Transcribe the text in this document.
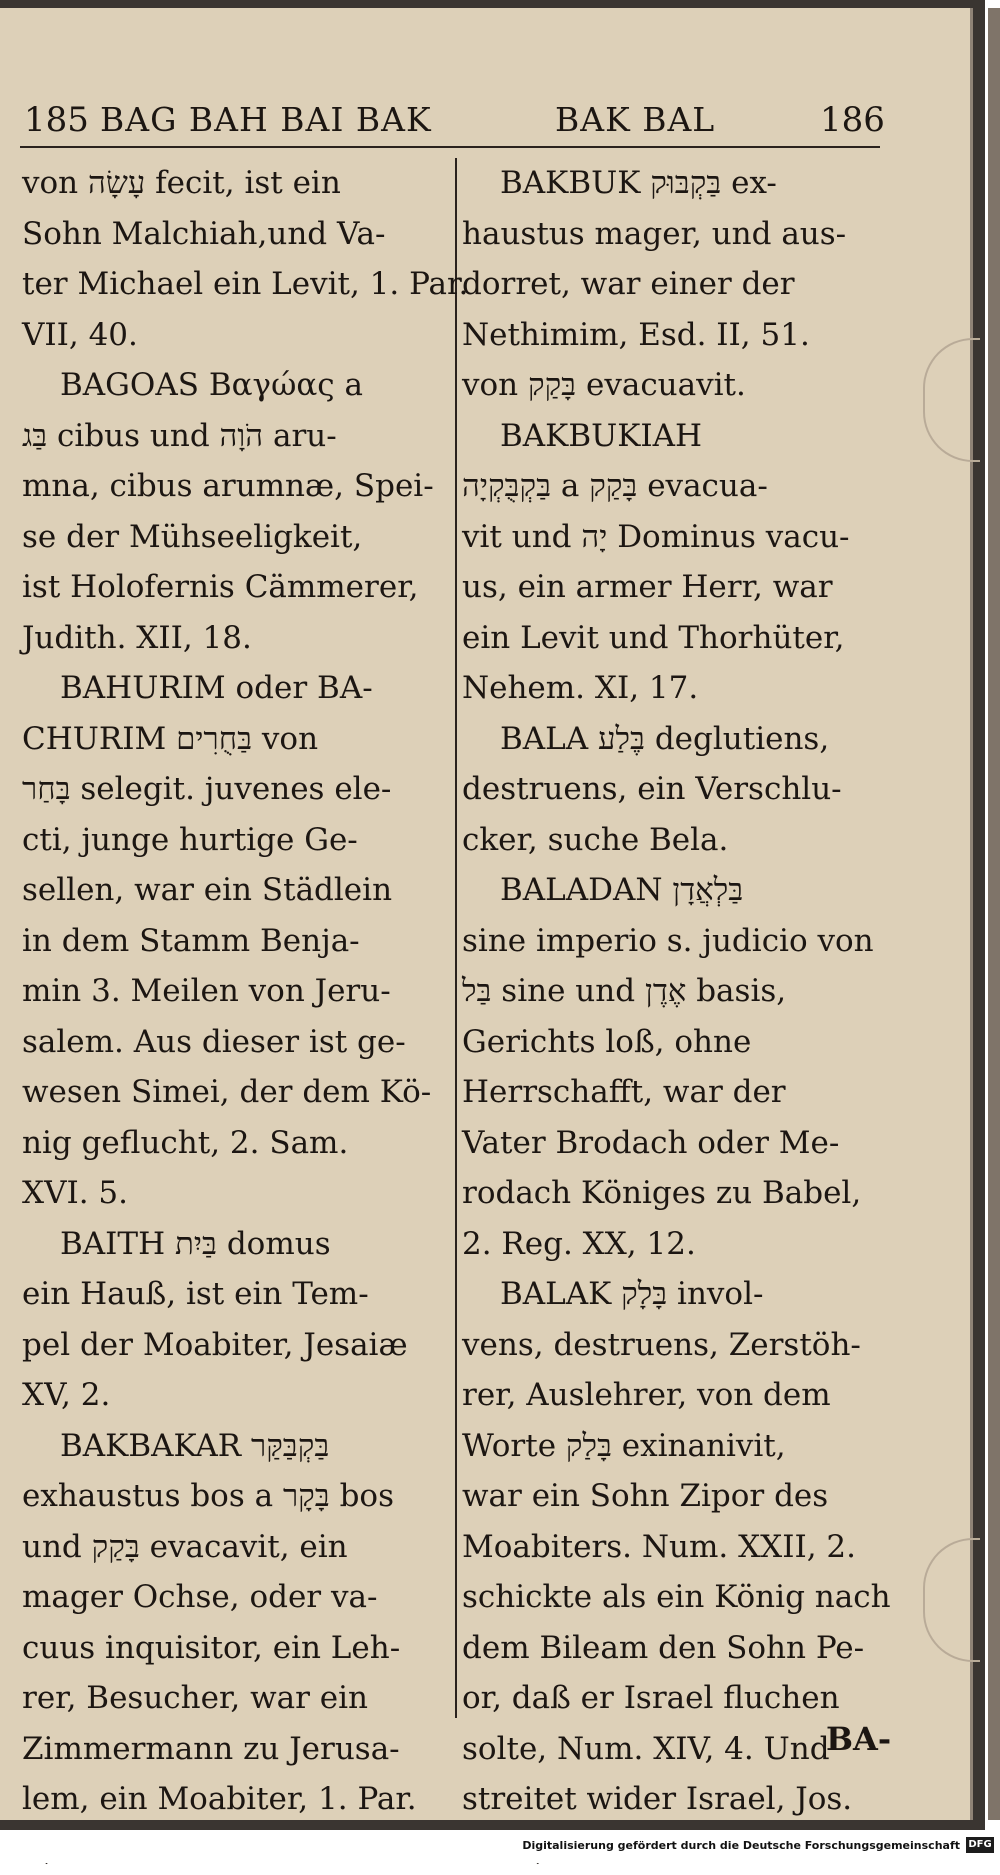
185 BAG BAH BAI BAK	BAK BAL	186
von עָשָׂה fecit, ist ein
Sohn Malchiah,und Va-
ter Michael ein Levit, 1. Par.
VII, 40.
BAGOAS Βαγώας a
בַּג cibus und הֹוָה aru-
mna, cibus arumnæ, Spei-
se der Mühseeligkeit,
ist Holofernis Cämmerer,
Judith. XII, 18.
BAHURIM oder BA-
CHURIM בַּחֻרִים von
בָּחַר selegit. juvenes ele-
cti, junge hurtige Ge-
sellen, war ein Städlein
in dem Stamm Benja-
min 3. Meilen von Jeru-
salem. Aus dieser ist ge-
wesen Simei, der dem Kö-
nig geflucht, 2. Sam.
XVI. 5.
BAITH בַּיִת domus
ein Hauß, ist ein Tem-
pel der Moabiter, Jesaiæ
XV, 2.
BAKBAKAR בַּקְבַּקַּר
exhaustus bos a בָּקָר bos
und בָּקַק evacavit, ein
mager Ochse, oder va-
cuus inquisitor, ein Leh-
rer, Besucher, war ein
Zimmermann zu Jerusa-
lem, ein Moabiter, 1. Par.
BAKBUK בַּקְבּוּק ex-
haustus mager, und aus-
dorret, war einer der
Nethimim, Esd. II, 51.
von בָּקַק evacuavit.
BAKBUKIAH
בַּקְבֻּקְיָה a בָּקַק evacua-
vit und יָה Dominus vacu-
us, ein armer Herr, war
ein Levit und Thorhüter,
Nehem. XI, 17.
BALA בֶּלַע deglutiens,
destruens, ein Verschlu-
cker, suche Bela.
BALADAN בַּלְאֲדָן
sine imperio s. judicio von
בַּל sine und אֶדֶן basis,
Gerichts loß, ohne
Herrschafft, war der
Vater Brodach oder Me-
rodach Königes zu Babel,
2. Reg. XX, 12.
BALAK בָּלָק invol-
vens, destruens, Zerstöh-
rer, Auslehrer, von dem
Worte בָּלַק exinanivit,
war ein Sohn Zipor des
Moabiters. Num. XXII, 2.
schickte als ein König nach
dem Bileam den Sohn Pe-
or, daß er Israel fluchen
solte, Num. XIV, 4. Und
streitet wider Israel, Jos.
BA-
Digitalisierung gefördert durch die Deutsche Forschungsgemeinschaft DFG
